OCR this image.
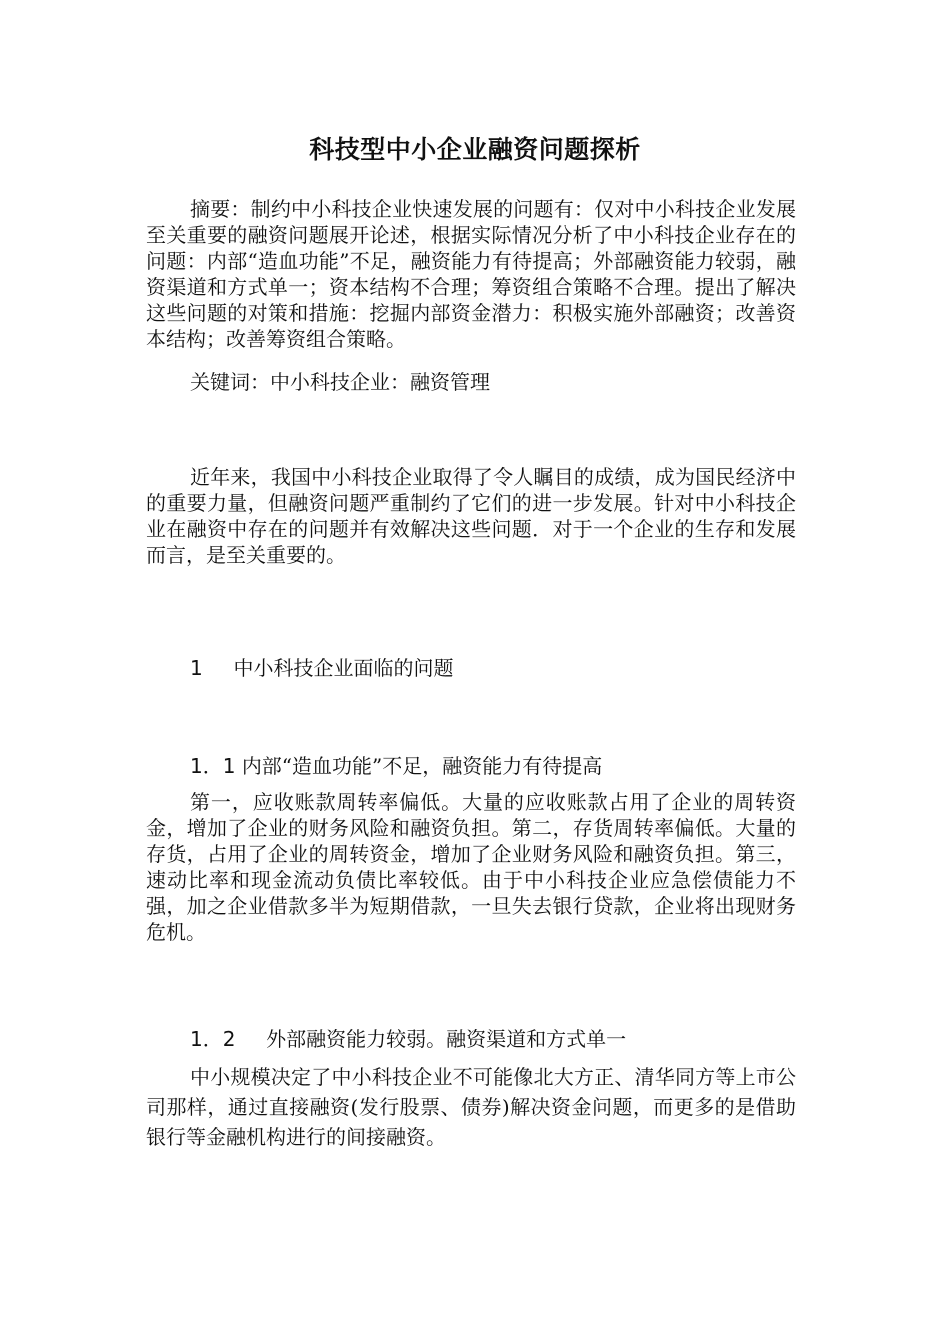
科技型中小企业融资问题探析
摘要：制约中小科技企业快速发展的问题有：仅对中小科技企业发展至关重要的融资问题展开论述，根据实际情况分析了中小科技企业存在的问题：内部“造血功能”不足，融资能力有待提高；外部融资能力较弱，融资渠道和方式单一；资本结构不合理；筹资组合策略不合理。提出了解决这些问题的对策和措施：挖掘内部资金潜力：积极实施外部融资；改善资本结构；改善筹资组合策略。
关键词：中小科技企业：融资管理
近年来，我国中小科技企业取得了令人瞩目的成绩，成为国民经济中的重要力量，但融资问题严重制约了它们的进一步发展。针对中小科技企业在融资中存在的问题并有效解决这些问题．对于一个企业的生存和发展而言，是至关重要的。
1 中小科技企业面临的问题
1．1 内部“造血功能”不足，融资能力有待提高
第一，应收账款周转率偏低。大量的应收账款占用了企业的周转资金，增加了企业的财务风险和融资负担。第二，存货周转率偏低。大量的存货，占用了企业的周转资金，增加了企业财务风险和融资负担。第三，速动比率和现金流动负债比率较低。由于中小科技企业应急偿债能力不强，加之企业借款多半为短期借款，一旦失去银行贷款，企业将出现财务危机。
1．2 外部融资能力较弱。融资渠道和方式单一
中小规模决定了中小科技企业不可能像北大方正、清华同方等上市公司那样，通过直接融资(发行股票、债券)解决资金问题，而更多的是借助银行等金融机构进行的间接融资。
